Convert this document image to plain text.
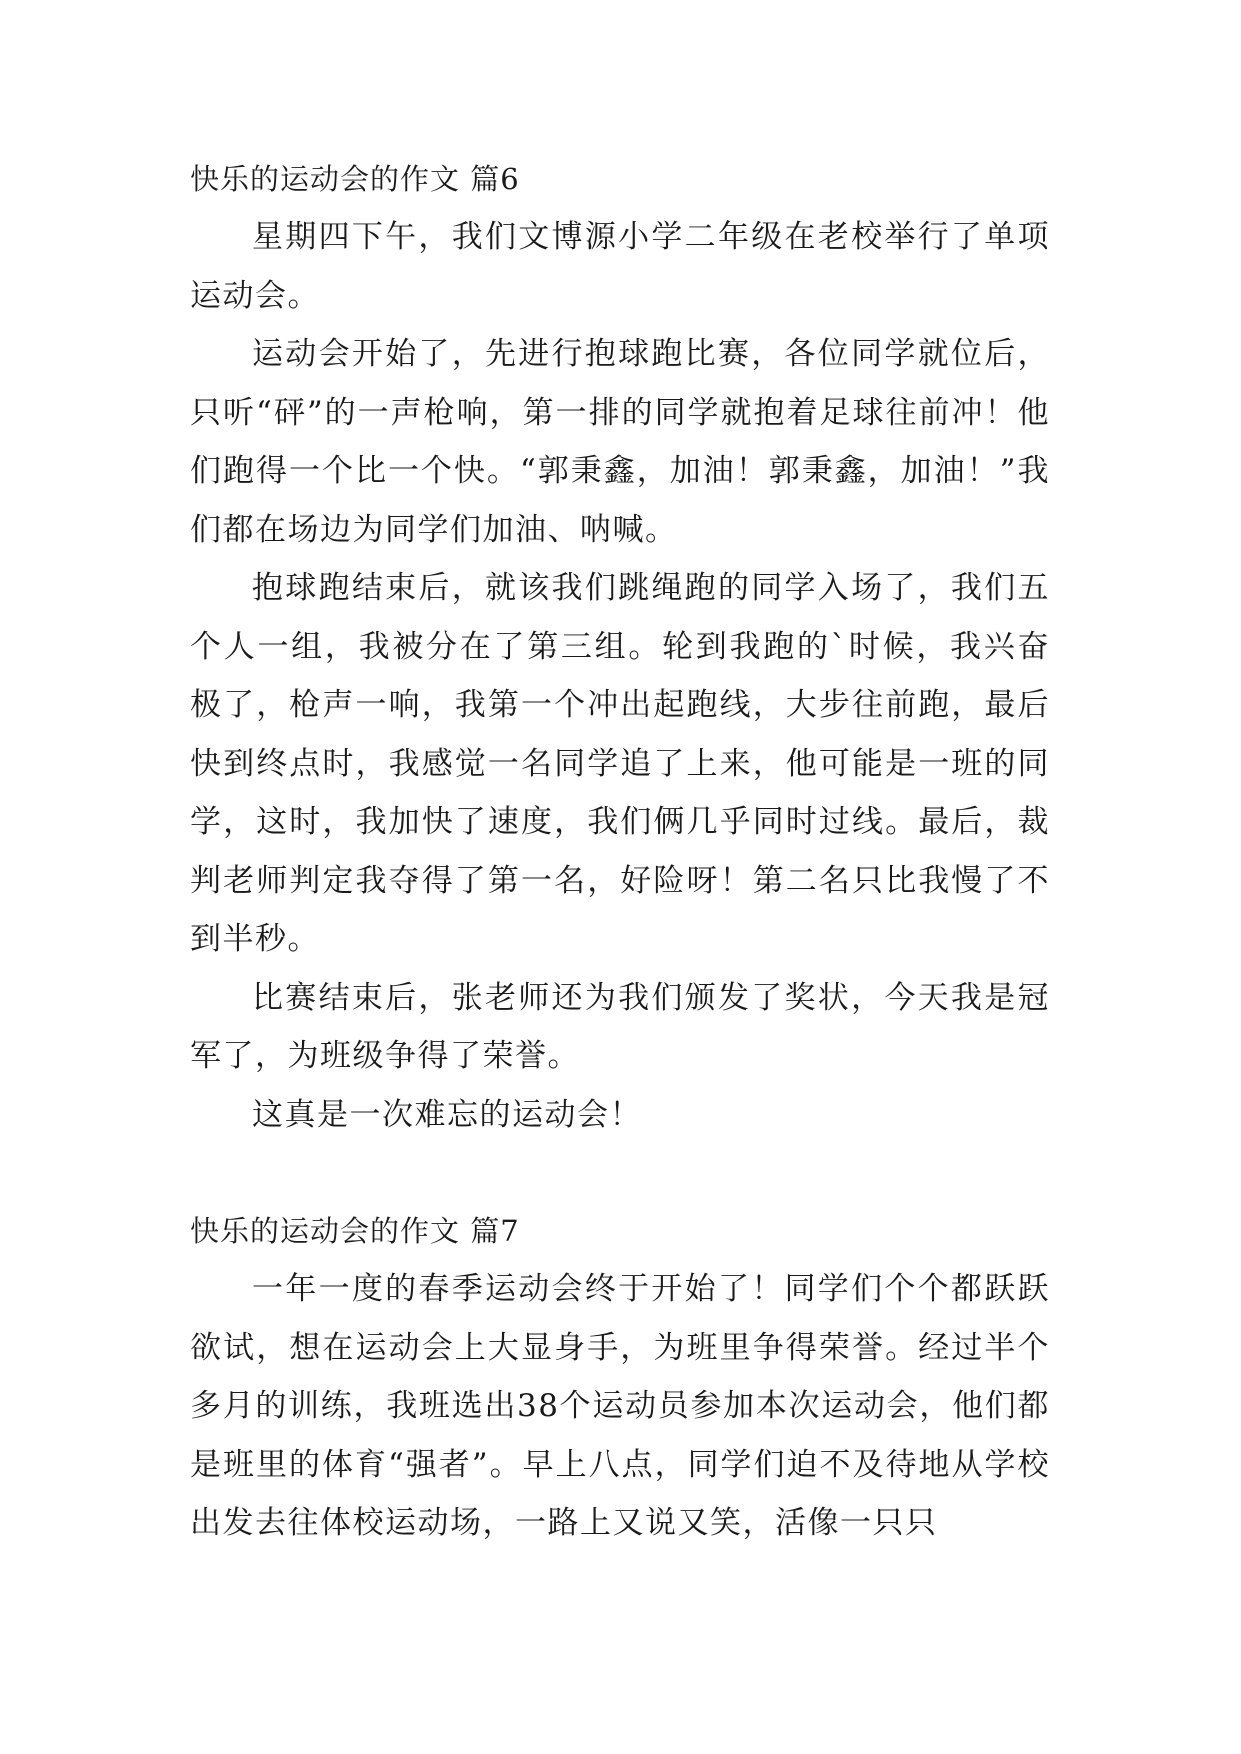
快乐的运动会的作文 篇6

星期四下午，我们文博源小学二年级在老校举行了单项运动会。

运动会开始了，先进行抱球跑比赛，各位同学就位后，只听“砰”的一声枪响，第一排的同学就抱着足球往前冲！他们跑得一个比一个快。“郭秉鑫，加油！郭秉鑫，加油！”我们都在场边为同学们加油、呐喊。

抱球跑结束后，就该我们跳绳跑的同学入场了，我们五个人一组，我被分在了第三组。轮到我跑的`时候，我兴奋极了，枪声一响，我第一个冲出起跑线，大步往前跑，最后快到终点时，我感觉一名同学追了上来，他可能是一班的同学，这时，我加快了速度，我们俩几乎同时过线。最后，裁判老师判定我夺得了第一名，好险呀！第二名只比我慢了不到半秒。

比赛结束后，张老师还为我们颁发了奖状，今天我是冠军了，为班级争得了荣誉。

这真是一次难忘的运动会！

快乐的运动会的作文 篇7

一年一度的春季运动会终于开始了！同学们个个都跃跃欲试，想在运动会上大显身手，为班里争得荣誉。经过半个多月的训练，我班选出38个运动员参加本次运动会，他们都是班里的体育“强者”。早上八点，同学们迫不及待地从学校出发去往体校运动场，一路上又说又笑，活像一只只
